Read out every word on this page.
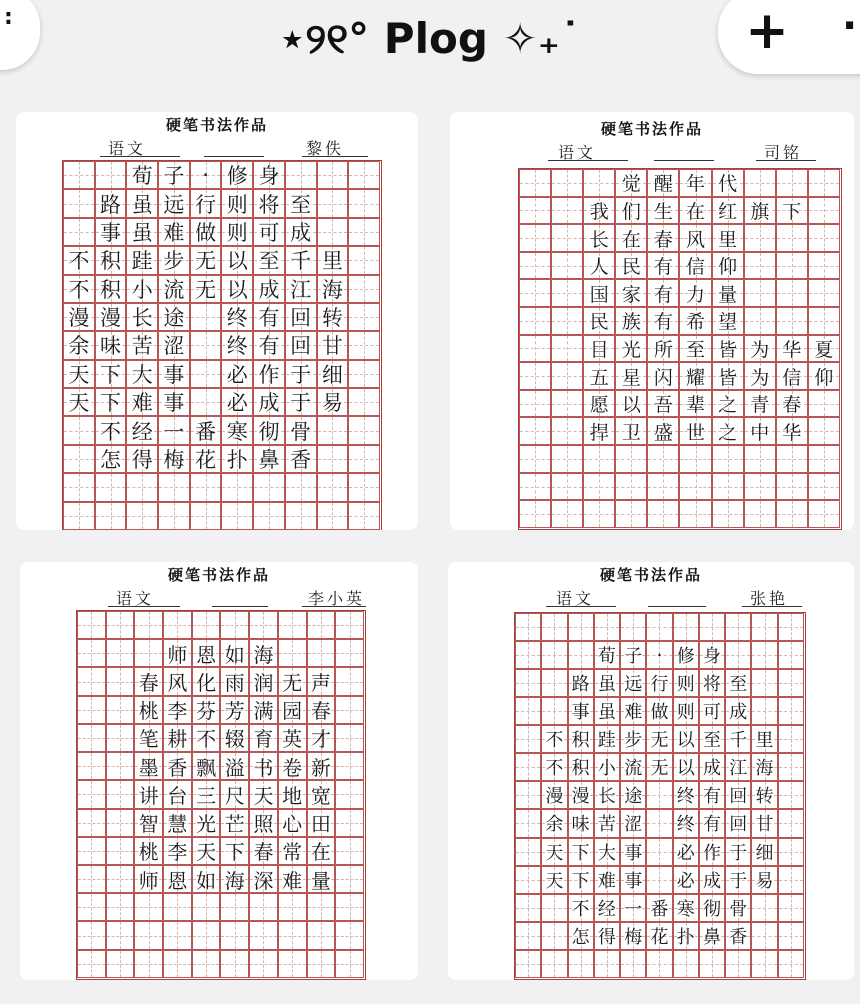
:	⋆୨୧° Plog ✧₊˙	+ ·
硬笔书法作品
语文	黎佚
荀 子 · 修 身
路 虽 远 行 则 将 至
事 虽 难 做 则 可 成
不 积 跬 步 无 以 至 千 里
不 积 小 流 无 以 成 江 海
漫 漫 长 途 终 有 回 转
余 味 苦 涩 终 有 回 甘
天 下 大 事 必 作 于 细
天 下 难 事 必 成 于 易
不 经 一 番 寒 彻 骨
怎 得 梅 花 扑 鼻 香
硬笔书法作品
语文	司铭
觉 醒 年 代
我 们 生 在 红 旗 下
长 在 春 风 里
人 民 有 信 仰
国 家 有 力 量
民 族 有 希 望
目 光 所 至 皆 为 华 夏
五 星 闪 耀 皆 为 信 仰
愿 以 吾 辈 之 青 春
捍 卫 盛 世 之 中 华
硬笔书法作品
语文	李小英
师 恩 如 海
春 风 化 雨 润 无 声
桃 李 芬 芳 满 园 春
笔 耕 不 辍 育 英 才
墨 香 飘 溢 书 卷 新
讲 台 三 尺 天 地 宽
智 慧 光 芒 照 心 田
桃 李 天 下 春 常 在
师 恩 如 海 深 难 量
硬笔书法作品
语文	张艳
荀 子 · 修 身
路 虽 远 行 则 将 至
事 虽 难 做 则 可 成
不 积 跬 步 无 以 至 千 里
不 积 小 流 无 以 成 江 海
漫 漫 长 途 终 有 回 转
余 味 苦 涩 终 有 回 甘
天 下 大 事 必 作 于 细
天 下 难 事 必 成 于 易
不 经 一 番 寒 彻 骨
怎 得 梅 花 扑 鼻 香
